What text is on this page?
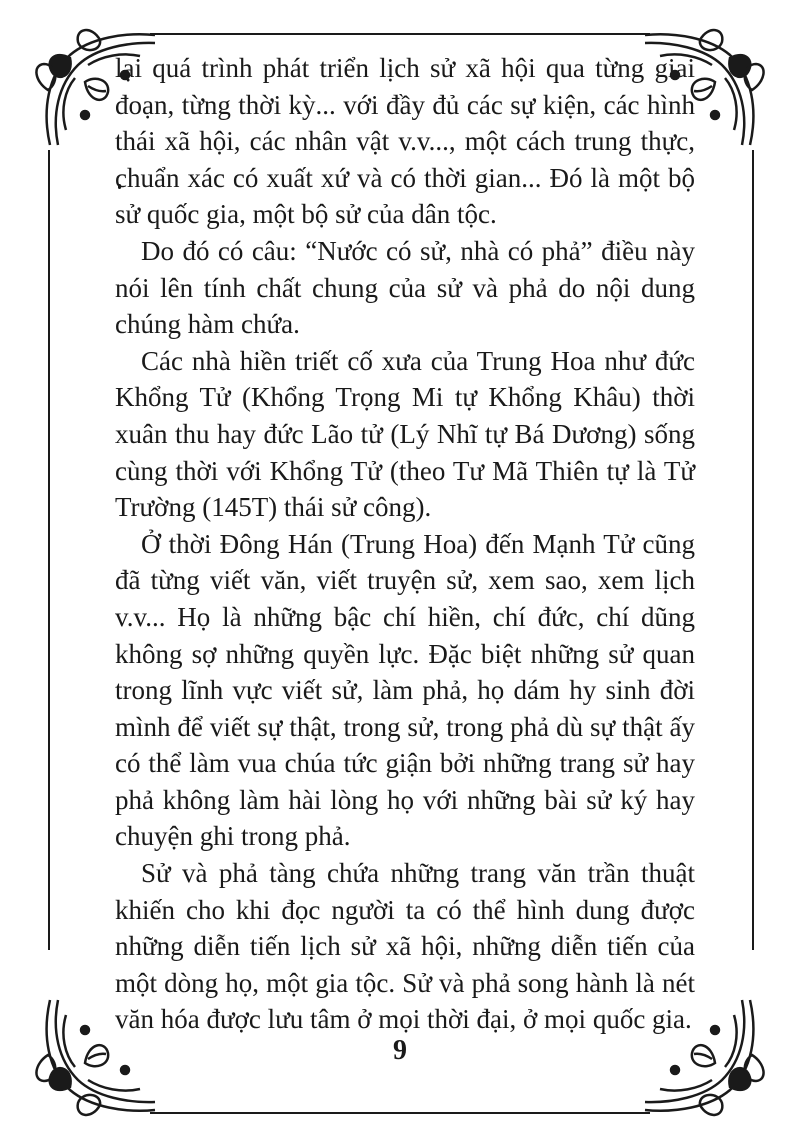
lại quá trình phát triển lịch sử xã hội qua từng giai đoạn, từng thời kỳ... với đầy đủ các sự kiện, các hình thái xã hội, các nhân vật v.v..., một cách trung thực, chuẩn xác có xuất xứ và có thời gian... Đó là một bộ sử quốc gia, một bộ sử của dân tộc.

Do đó có câu: “Nước có sử, nhà có phả” điều này nói lên tính chất chung của sử và phả do nội dung chúng hàm chứa.

Các nhà hiền triết cố xưa của Trung Hoa như đức Khổng Tử (Khổng Trọng Mi tự Khổng Khâu) thời xuân thu hay đức Lão tử (Lý Nhĩ tự Bá Dương) sống cùng thời với Khổng Tử (theo Tư Mã Thiên tự là Tử Trường (145T) thái sử công).

Ở thời Đông Hán (Trung Hoa) đến Mạnh Tử cũng đã từng viết văn, viết truyện sử, xem sao, xem lịch v.v... Họ là những bậc chí hiền, chí đức, chí dũng không sợ những quyền lực. Đặc biệt những sử quan trong lĩnh vực viết sử, làm phả, họ dám hy sinh đời mình để viết sự thật, trong sử, trong phả dù sự thật ấy có thể làm vua chúa tức giận bởi những trang sử hay phả không làm hài lòng họ với những bài sử ký hay chuyện ghi trong phả.

Sử và phả tàng chứa những trang văn trần thuật khiến cho khi đọc người ta có thể hình dung được những diễn tiến lịch sử xã hội, những diễn tiến của một dòng họ, một gia tộc. Sử và phả song hành là nét văn hóa được lưu tâm ở mọi thời đại, ở mọi quốc gia.

9
